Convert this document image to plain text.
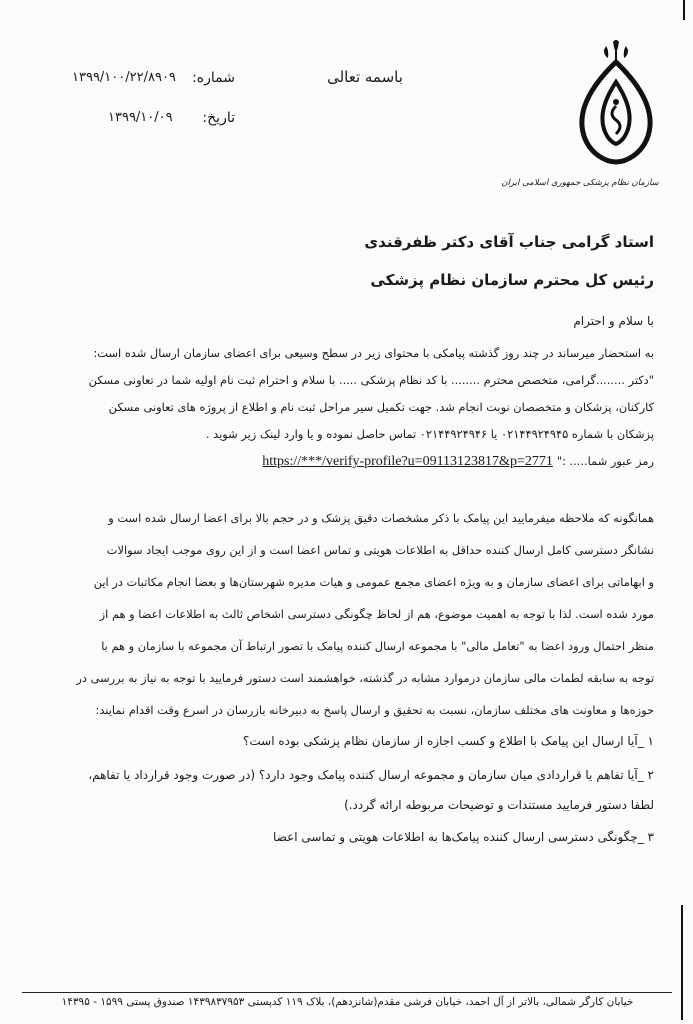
سازمان نظام پزشکی جمهوری اسلامی ایران
باسمه تعالی
شماره:
۱۳۹۹/۱۰۰/۲۲/۸۹۰۹
تاریخ:
۱۳۹۹/۱۰/۰۹
استاد گرامی جناب آقای دکتر ظفرقندی
رئیس کل محترم سازمان نظام پزشکی
با سلام و احترام
به استحضار میرساند در چند روز گذشته پیامکی با محتوای زیر در سطح وسیعی برای اعضای سازمان ارسال شده است:
"دکتر ........گرامی، متخصص محترم ........ با کد نظام پزشکی ..... با سلام و احترام ثبت نام اولیه شما در تعاونی مسکن
کارکنان، پزشکان و متخصصان نوبت انجام شد. جهت تکمیل سیر مراحل ثبت نام و اطلاع از پروژه های تعاونی مسکن
پزشکان با شماره ۰۲۱۴۴۹۲۴۹۴۵ یا ۰۲۱۴۴۹۲۴۹۴۶ تماس حاصل نموده و یا وارد لینک زیر شوید .
https://***/verify-profile?u=09113123817&p=2771 رمز عبور شما..... :"
همانگونه که ملاحظه میفرمایید این پیامک با ذکر مشخصات دقیق پزشک و در حجم بالا برای اعضا ارسال شده است و
نشانگر دسترسی کامل ارسال کننده حداقل به اطلاعات هویتی و تماس اعضا است و از این روی موجب ایجاد سوالات
و ابهاماتی برای اعضای سازمان و به ویژه اعضای مجمع عمومی و هیات مدیره شهرستان‌ها و بعضا انجام مکاتبات در این
مورد شده است. لذا با توجه به اهمیت موضوع، هم از لحاظ چگونگی دسترسی اشخاص ثالث به اطلاعات اعضا و هم از
منظر احتمال ورود اعضا به "تعامل مالی" با مجموعه ارسال کننده پیامک با تصور ارتباط آن مجموعه با سازمان و هم با
توجه به سابقه لطمات مالی سازمان درموارد مشابه در گذشته، خواهشمند است دستور فرمایید با توجه به نیاز به بررسی در
حوزه‌ها و معاونت های مختلف سازمان، نسبت به تحقیق و ارسال پاسخ به دبیرخانه بازرسان در اسرع وقت اقدام نمایند:
۱ _آیا ارسال این پیامک با اطلاع و کسب اجازه از سازمان نظام پزشکی بوده است؟
۲ _آیا تفاهم یا قراردادی میان سازمان و مجموعه ارسال کننده پیامک وجود دارد؟ (در صورت وجود قرارداد یا تفاهم،
لطفا دستور فرمایید مستندات و توضیحات مربوطه ارائه گردد.)
۳ _چگونگی دسترسی ارسال کننده پیامک‌ها به اطلاعات هویتی و تماسی اعضا
خیابان کارگر شمالی، بالاتر از آل احمد، خیابان فرشی مقدم(شانزدهم)، بلاک ۱۱۹ کدپستی ۱۴۳۹۸۳۷۹۵۳ صندوق پستی ۱۵۹۹ - ۱۴۳۹۵
